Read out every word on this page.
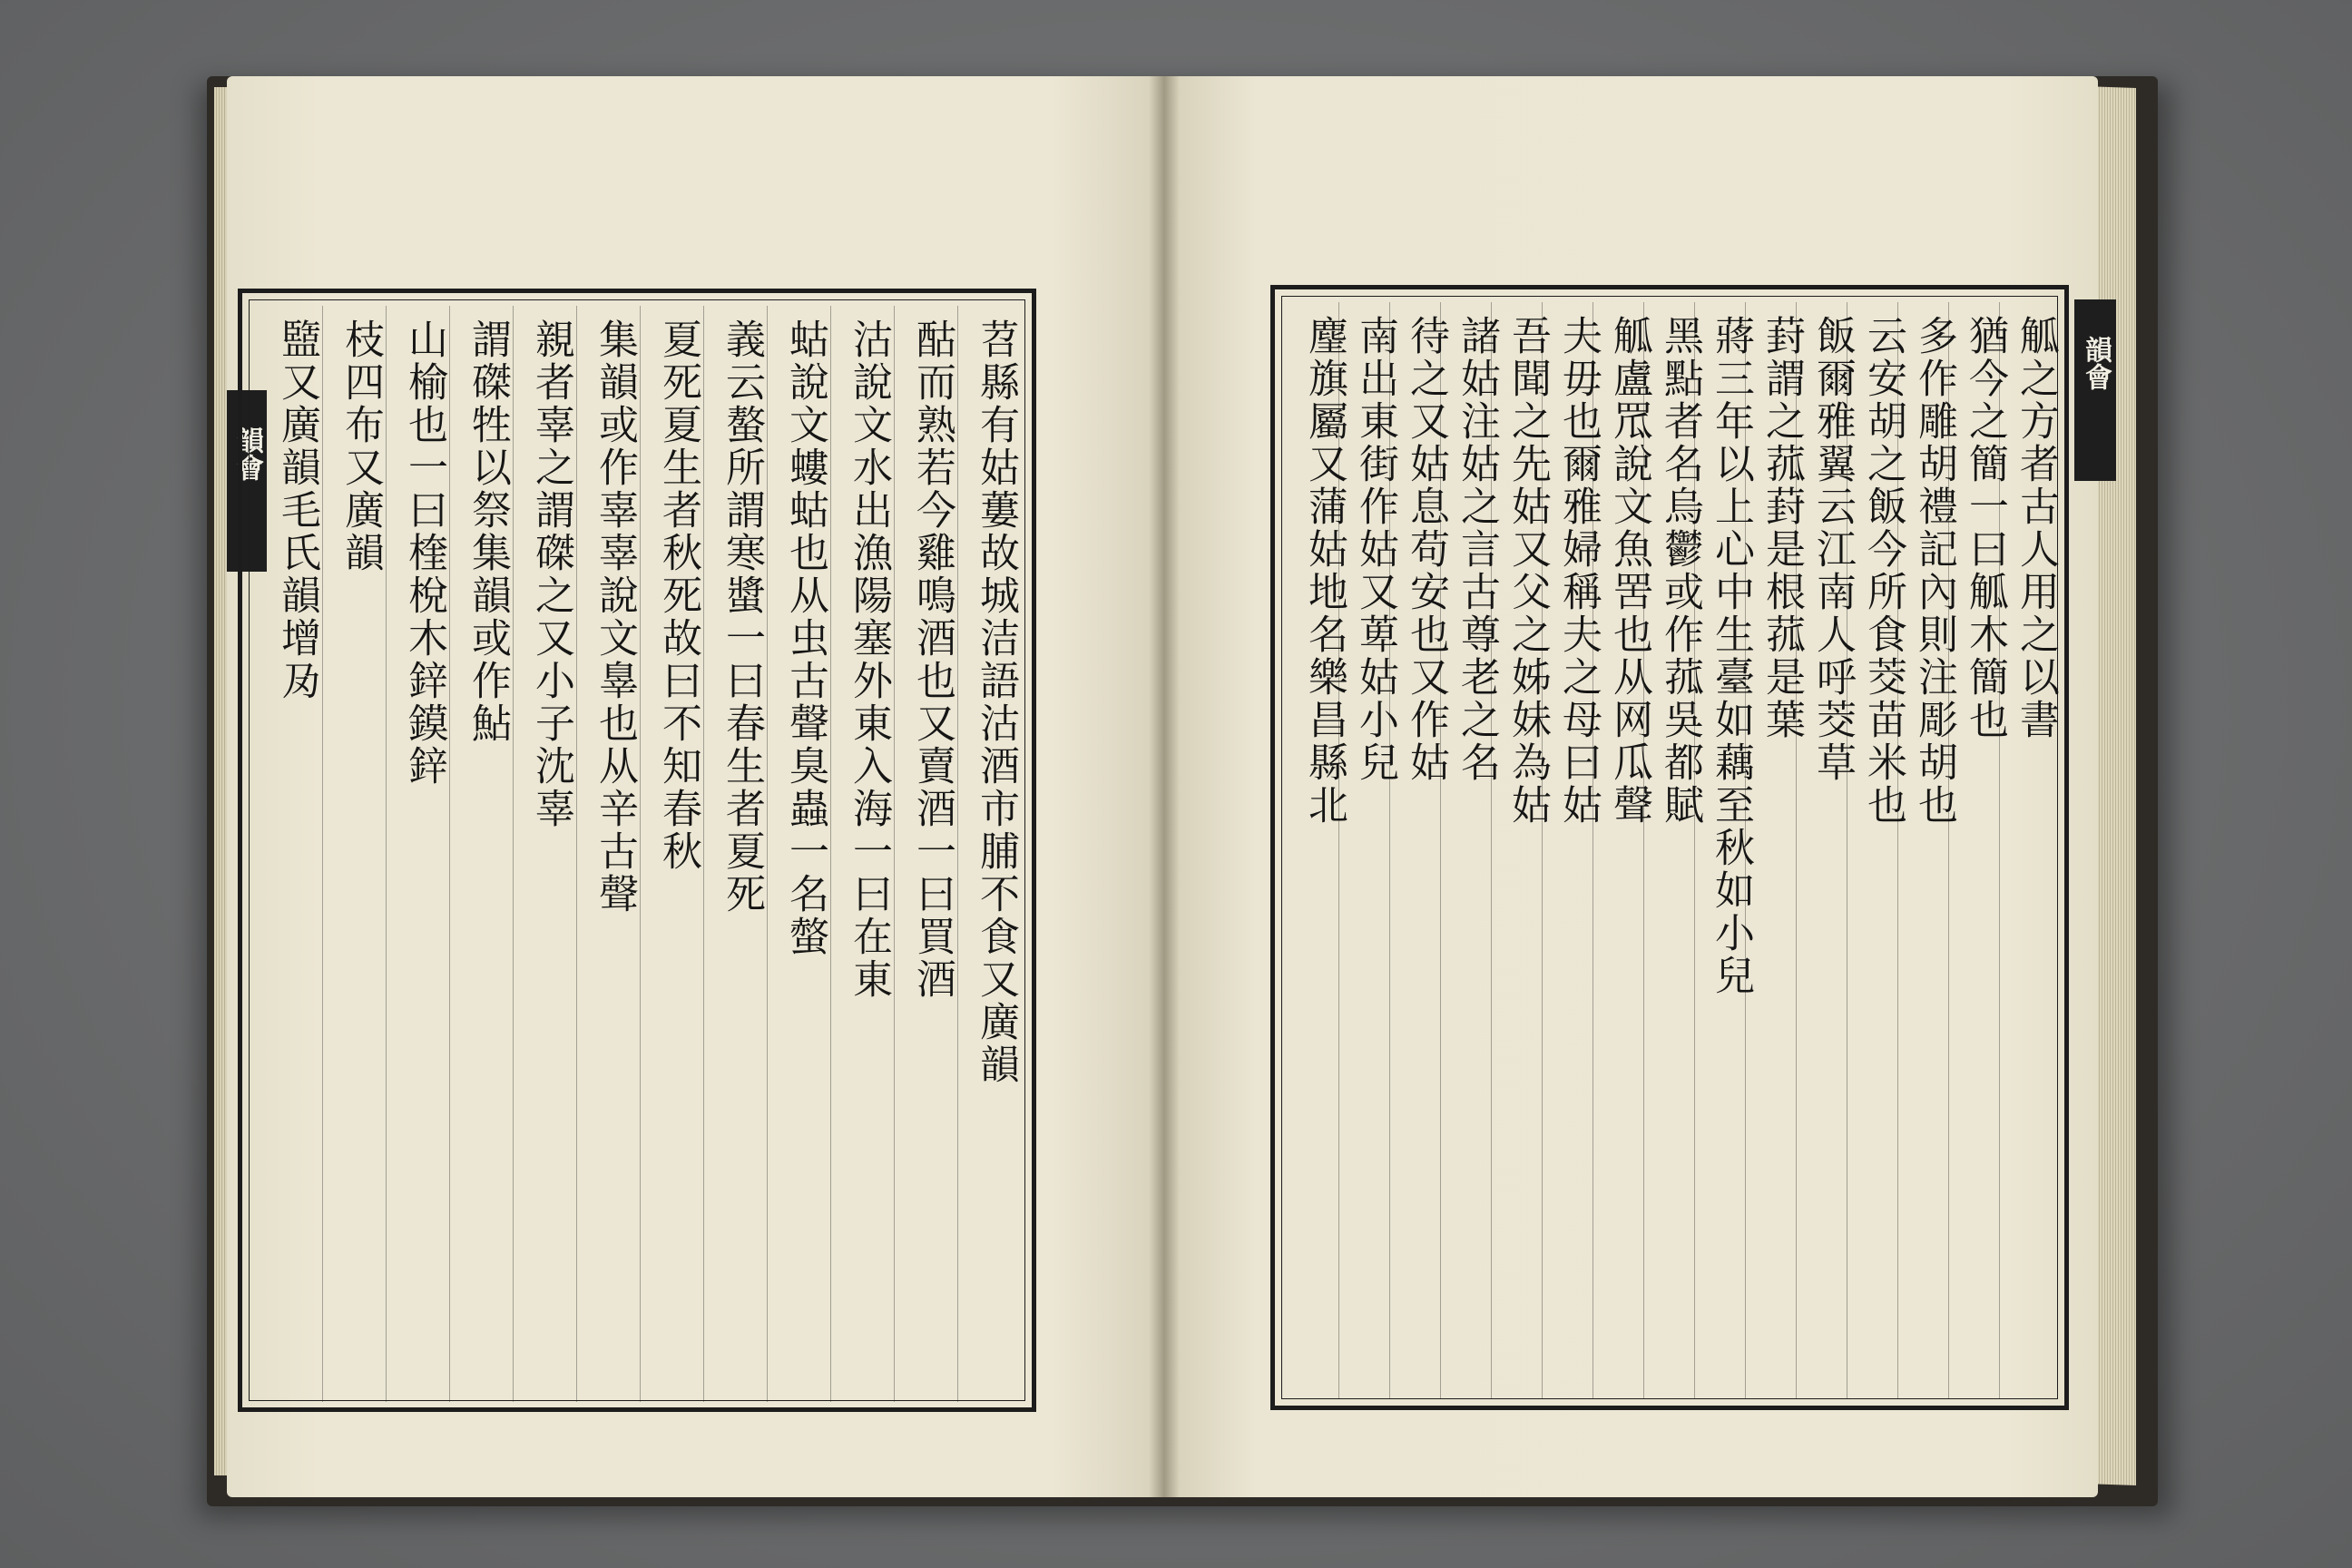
韻會
韻會
苕縣有姑蔞故城洁語沽酒市脯不食又廣韻
酤而熟若今雞鳴酒也又賣酒一曰買酒
沽說文水出漁陽塞外東入海一曰在東
蛄說文螻蛄也从虫古聲臭蟲一名螫
義云螯所謂寒螿一曰春生者夏死
夏死夏生者秋死故曰不知春秋
集韻或作辜辜說文辠也从辛古聲
親者辜之謂磔之又小子沈辜
謂磔牲以祭集韻或作鮎
山榆也一曰楏梲木鋅鏌鋅
枝四布又廣韻
盬又廣韻毛氏韻增夃	觚之方者古人用之以書
猶今之簡一曰觚木簡也
多作雕胡禮記內則注彫胡也
云安胡之飯今所食茭苗米也
飯爾雅翼云江南人呼茭草
葑謂之菰葑是根菰是葉
蔣三年以上心中生臺如藕至秋如小兒
黑點者名烏鬱或作菰吳都賦
觚盧罛說文魚罟也从网瓜聲
夫毋也爾雅婦稱夫之母曰姑
吾聞之先姑又父之姊妹為姑
諸姑注姑之言古尊老之名
待之又姑息苟安也又作姑
南出東街作姑又萆姑小兒
麈旗屬又蒲姑地名樂昌縣北
